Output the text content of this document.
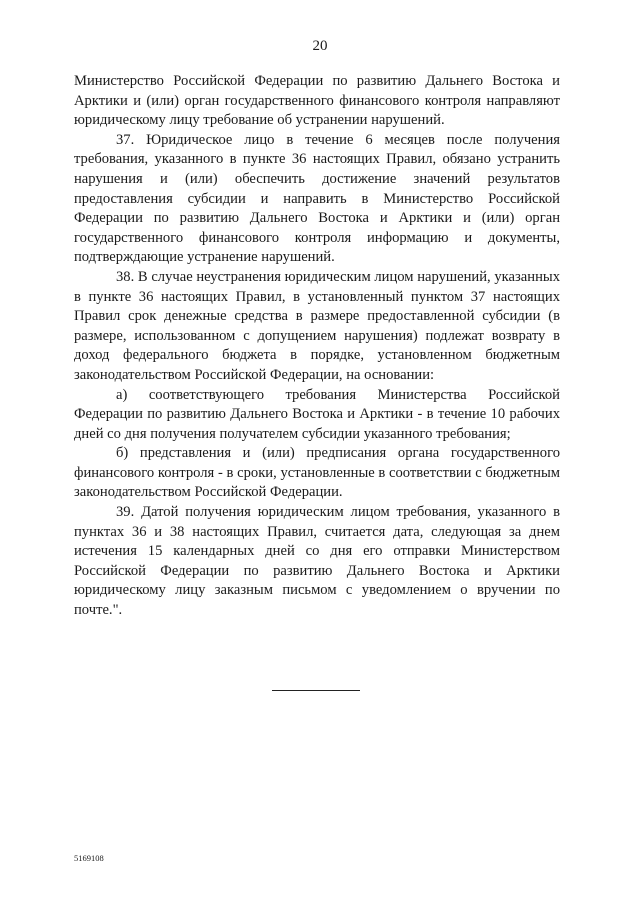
20

Министерство Российской Федерации по развитию Дальнего Востока и Арктики и (или) орган государственного финансового контроля направляют юридическому лицу требование об устранении нарушений.

37. Юридическое лицо в течение 6 месяцев после получения требования, указанного в пункте 36 настоящих Правил, обязано устранить нарушения и (или) обеспечить достижение значений результатов предоставления субсидии и направить в Министерство Российской Федерации по развитию Дальнего Востока и Арктики и (или) орган государственного финансового контроля информацию и документы, подтверждающие устранение нарушений.

38. В случае неустранения юридическим лицом нарушений, указанных в пункте 36 настоящих Правил, в установленный пунктом 37 настоящих Правил срок денежные средства в размере предоставленной субсидии (в размере, использованном с допущением нарушения) подлежат возврату в доход федерального бюджета в порядке, установленном бюджетным законодательством Российской Федерации, на основании:

а) соответствующего требования Министерства Российской Федерации по развитию Дальнего Востока и Арктики - в течение 10 рабочих дней со дня получения получателем субсидии указанного требования;

б) представления и (или) предписания органа государственного финансового контроля - в сроки, установленные в соответствии с бюджетным законодательством Российской Федерации.

39. Датой получения юридическим лицом требования, указанного в пунктах 36 и 38 настоящих Правил, считается дата, следующая за днем истечения 15 календарных дней со дня его отправки Министерством Российской Федерации по развитию Дальнего Востока и Арктики юридическому лицу заказным письмом с уведомлением о вручении по почте.".

5169108
